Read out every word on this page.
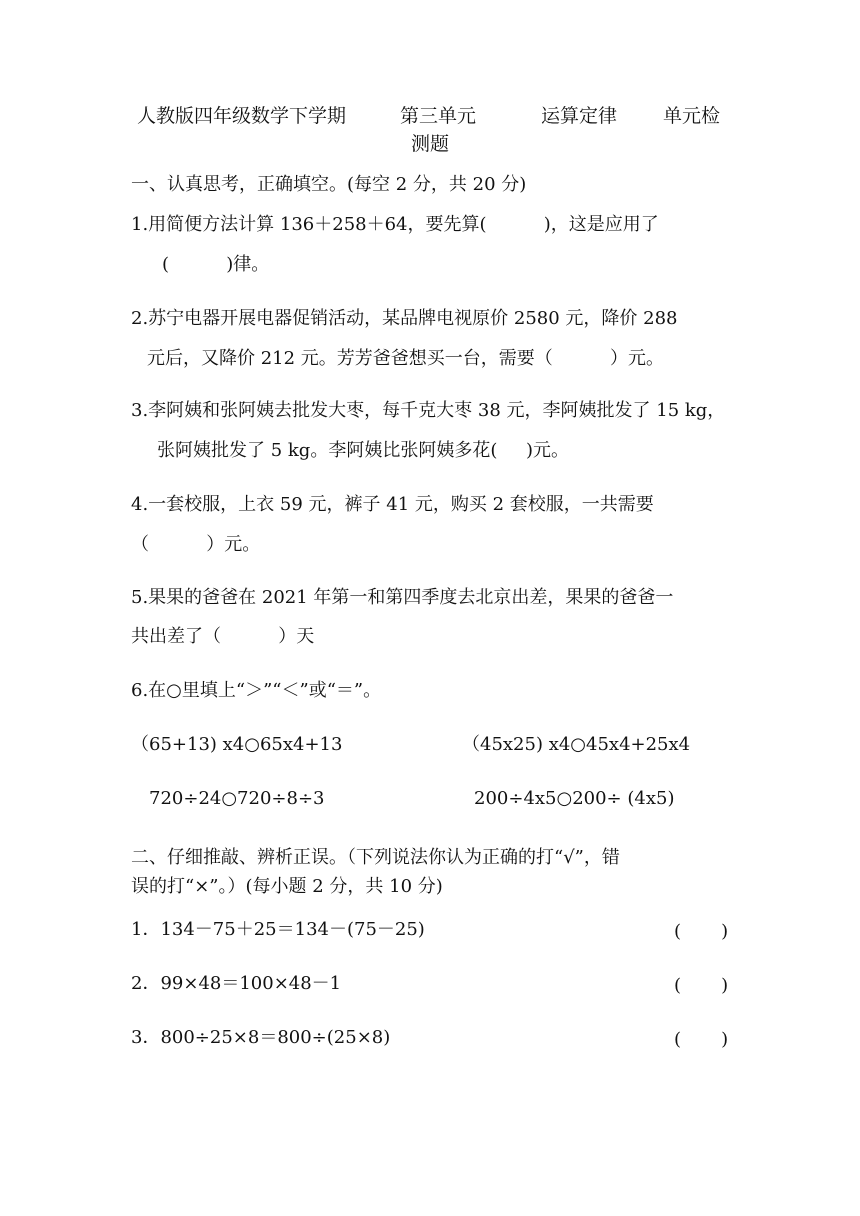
人教版四年级数学下学期	第三单元	运算定律 单元检
测题
一、认真思考，正确填空。(每空 2 分，共 20 分)
1.用简便方法计算 136＋258＋64，要先算(          )，这是应用了
(          )律。
2.苏宁电器开展电器促销活动，某品牌电视原价 2580 元，降价 288
元后，又降价 212 元。芳芳爸爸想买一台，需要（          ）元。
3.李阿姨和张阿姨去批发大枣，每千克大枣 38 元，李阿姨批发了 15 kg，
张阿姨批发了 5 kg。李阿姨比张阿姨多花(     )元。
4.一套校服，上衣 59 元，裤子 41 元，购买 2 套校服，一共需要
（          ）元。
5.果果的爸爸在 2021 年第一和第四季度去北京出差，果果的爸爸一
共出差了（          ）天
6.在○里填上“＞”“＜”或“＝”。
（65+13) x4○65x4+13	（45x25) x4○45x4+25x4
720÷24○720÷8÷3	200÷4x5○200÷ (4x5)
二、仔细推敲、辨析正误。（下列说法你认为正确的打“√”，错
误的打“×”。）(每小题 2 分，共 10 分)
1．134－75＋25＝134－(75－25)	(       )
2．99×48＝100×48－1	(       )
3．800÷25×8＝800÷(25×8)	(       )
